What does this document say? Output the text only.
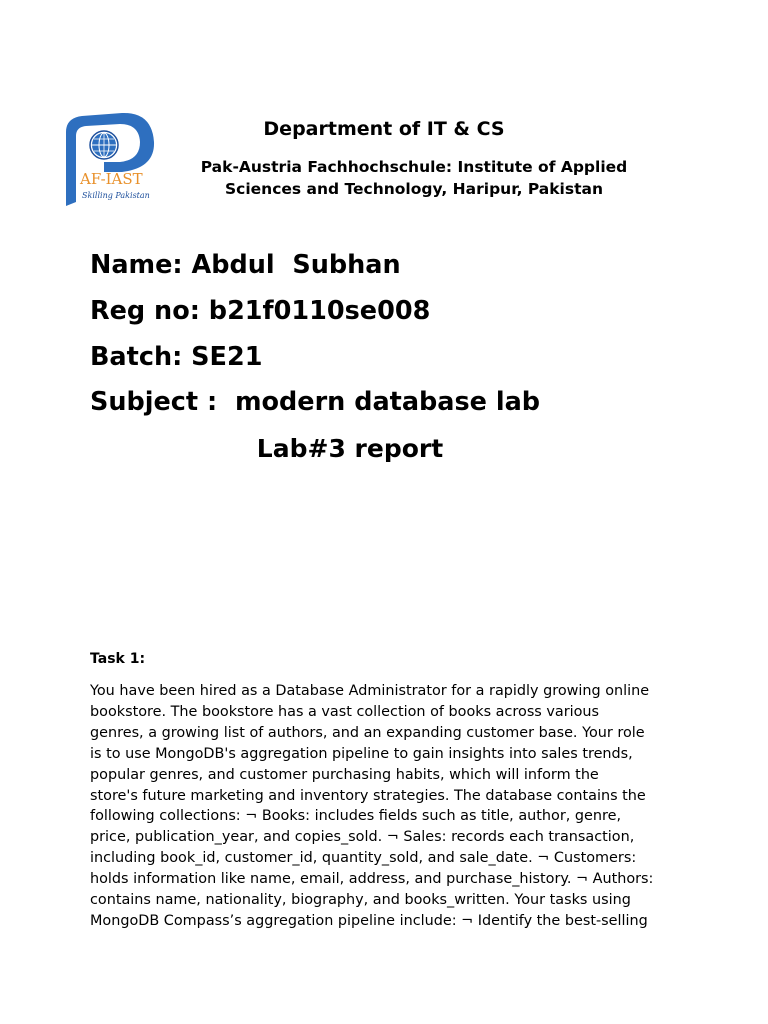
AF-IAST
Skilling Pakistan
Department of IT & CS
Pak-Austria Fachhochschule: Institute of Applied
Sciences and Technology, Haripur, Pakistan
Name: Abdul  Subhan
Reg no: b21f0110se008
Batch: SE21
Subject :  modern database lab
Lab#3 report
Task 1:
You have been hired as a Database Administrator for a rapidly growing online
bookstore. The bookstore has a vast collection of books across various
genres, a growing list of authors, and an expanding customer base. Your role
is to use MongoDB's aggregation pipeline to gain insights into sales trends,
popular genres, and customer purchasing habits, which will inform the
store's future marketing and inventory strategies. The database contains the
following collections: ¬ Books: includes fields such as title, author, genre,
price, publication_year, and copies_sold. ¬ Sales: records each transaction,
including book_id, customer_id, quantity_sold, and sale_date. ¬ Customers:
holds information like name, email, address, and purchase_history. ¬ Authors:
contains name, nationality, biography, and books_written. Your tasks using
MongoDB Compass’s aggregation pipeline include: ¬ Identify the best-selling
